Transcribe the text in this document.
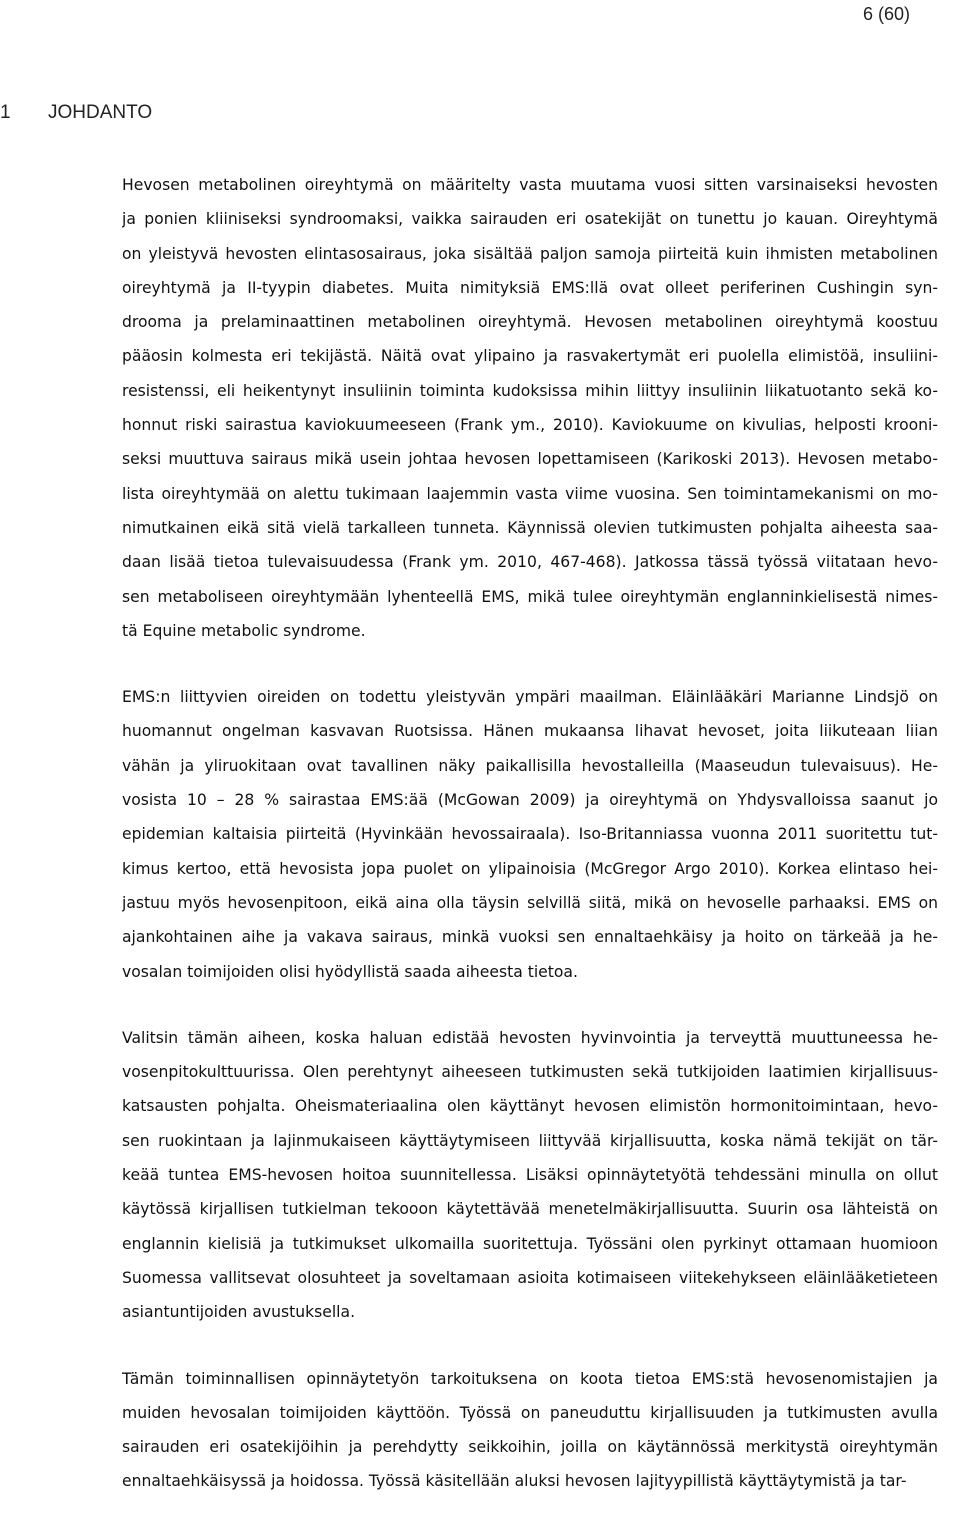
6 (60)
1 JOHDANTO
Hevosen metabolinen oireyhtymä on määritelty vasta muutama vuosi sitten varsinaiseksi hevosten
ja ponien kliiniseksi syndroomaksi, vaikka sairauden eri osatekijät on tunettu jo kauan. Oireyhtymä
on yleistyvä hevosten elintasosairaus, joka sisältää paljon samoja piirteitä kuin ihmisten metabolinen
oireyhtymä ja II-tyypin diabetes. Muita nimityksiä EMS:llä ovat olleet periferinen Cushingin syn-
drooma ja prelaminaattinen metabolinen oireyhtymä. Hevosen metabolinen oireyhtymä koostuu
pääosin kolmesta eri tekijästä. Näitä ovat ylipaino ja rasvakertymät eri puolella elimistöä, insuliini-
resistenssi, eli heikentynyt insuliinin toiminta kudoksissa mihin liittyy insuliinin liikatuotanto sekä ko-
honnut riski sairastua kaviokuumeeseen (Frank ym., 2010). Kaviokuume on kivulias, helposti krooni-
seksi muuttuva sairaus mikä usein johtaa hevosen lopettamiseen (Karikoski 2013). Hevosen metabo-
lista oireyhtymää on alettu tukimaan laajemmin vasta viime vuosina. Sen toimintamekanismi on mo-
nimutkainen eikä sitä vielä tarkalleen tunneta. Käynnissä olevien tutkimusten pohjalta aiheesta saa-
daan lisää tietoa tulevaisuudessa (Frank ym. 2010, 467-468). Jatkossa tässä työssä viitataan hevo-
sen metaboliseen oireyhtymään lyhenteellä EMS, mikä tulee oireyhtymän englanninkielisestä nimes-
tä Equine metabolic syndrome.
EMS:n liittyvien oireiden on todettu yleistyvän ympäri maailman. Eläinlääkäri Marianne Lindsjö on
huomannut ongelman kasvavan Ruotsissa. Hänen mukaansa lihavat hevoset, joita liikuteaan liian
vähän ja yliruokitaan ovat tavallinen näky paikallisilla hevostalleilla (Maaseudun tulevaisuus). He-
vosista 10 – 28 % sairastaa EMS:ää (McGowan 2009) ja oireyhtymä on Yhdysvalloissa saanut jo
epidemian kaltaisia piirteitä (Hyvinkään hevossairaala). Iso-Britanniassa vuonna 2011 suoritettu tut-
kimus kertoo, että hevosista jopa puolet on ylipainoisia (McGregor Argo 2010). Korkea elintaso hei-
jastuu myös hevosenpitoon, eikä aina olla täysin selvillä siitä, mikä on hevoselle parhaaksi. EMS on
ajankohtainen aihe ja vakava sairaus, minkä vuoksi sen ennaltaehkäisy ja hoito on tärkeää ja he-
vosalan toimijoiden olisi hyödyllistä saada aiheesta tietoa.
Valitsin tämän aiheen, koska haluan edistää hevosten hyvinvointia ja terveyttä muuttuneessa he-
vosenpitokulttuurissa. Olen perehtynyt aiheeseen tutkimusten sekä tutkijoiden laatimien kirjallisuus-
katsausten pohjalta. Oheismateriaalina olen käyttänyt hevosen elimistön hormonitoimintaan, hevo-
sen ruokintaan ja lajinmukaiseen käyttäytymiseen liittyvää kirjallisuutta, koska nämä tekijät on tär-
keää tuntea EMS-hevosen hoitoa suunnitellessa. Lisäksi opinnäytetyötä tehdessäni minulla on ollut
käytössä kirjallisen tutkielman tekooon käytettävää menetelmäkirjallisuutta. Suurin osa lähteistä on
englannin kielisiä ja tutkimukset ulkomailla suoritettuja. Työssäni olen pyrkinyt ottamaan huomioon
Suomessa vallitsevat olosuhteet ja soveltamaan asioita kotimaiseen viitekehykseen eläinlääketieteen
asiantuntijoiden avustuksella.
Tämän toiminnallisen opinnäytetyön tarkoituksena on koota tietoa EMS:stä hevosenomistajien ja
muiden hevosalan toimijoiden käyttöön. Työssä on paneuduttu kirjallisuuden ja tutkimusten avulla
sairauden eri osatekijöihin ja perehdytty seikkoihin, joilla on käytännössä merkitystä oireyhtymän
ennaltaehkäisyssä ja hoidossa. Työssä käsitellään aluksi hevosen lajityypillistä käyttäytymistä ja tar-
